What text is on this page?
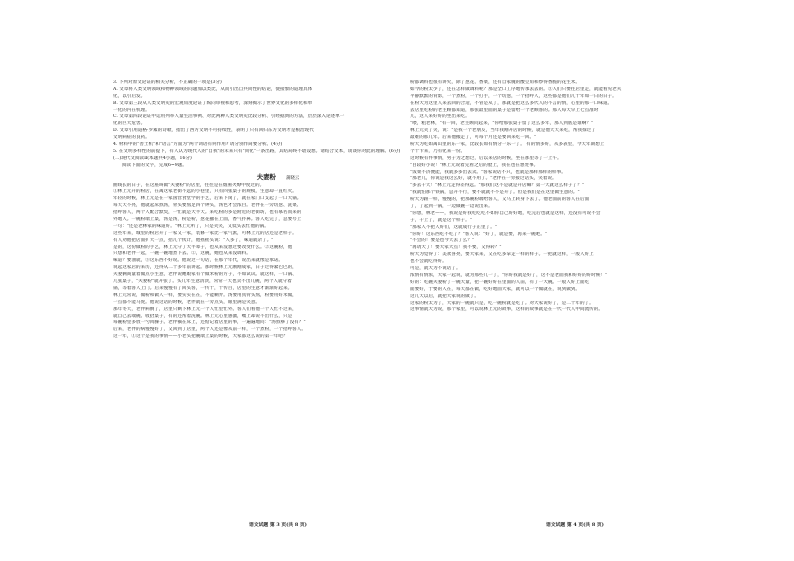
3. 下列对原文论证的相关分析，不正确的一项是(3分)
A. 文章将人类文明领域和物种领域的问题加以类比，从而引出自共同性的结论，使接象的道理具体
化，以引启发。
B. 文章第三段从人类文明史的宏观角度论证了纵向审视和思考，深刻揭示了世界文化的多样化和单
一化的内在机理。
C. 文章第四段论证中运用列举人量生活事例、对比两种人类文明史比较分析、引经据典的方法，层层深入论述单一
化的巨大危害。
D. 文章引用道格·罗素的诗歌，指出了西方文明不可持续性，表明了只有回归东方文明才是根治现代
文明病症的良药。
4. 材料中的"善土机"和"语言"方面为"两个词语有何作用? 请分别作简要分析。(4分)
5. 在文明多样性的前提下，有人认为现代人的"自我"的未来只有"同化"一条出路，其结局终不堪设想。请结合文本，谈谈你对此的理解。(6分)
(二)现代文阅读Ⅱ(本题共4小题，16分)
阅读下面的文字，完成6~9题。
夫妻粉 蒲晓云
曲线长的日子，在这座叫做"夫妻粉"的店里，往往是在烟熏火燎中度过的。
①林上元开的粉店，在离这家老街不远的小巷里，只有四张桌子的规模，生意却一直红火。
年轻的时候，林上元是在一家国营食堂学的手艺，后来下岗了，就在家门口支起了一口大锅。
每天天不亮，他就起床熬汤，骨头要熬足四个钟头，汤色才会浓白。老伴在一旁切葱、洗菜、
招呼客人，两个人配合默契，一忙就是大半天。来吃粉的多是附近的老街坊，也有慕名而来的
外地人。一碗粉端上桌，汤是汤，粉是粉，葱花撒在上面，香气扑鼻。客人吃完了，总要夸上
一句："还是老林家的味道好。"林上元听了，只是笑笑，又低头去忙他的锅。
这些年来，城里的粉店开了一家又一家，装修一家比一家气派，可林上元的店还是老样子。
有人劝他把店面扩大一点，招几个伙计，他摇摇头说："人多了，味道就杂了。"
是的，这份做粉的手艺，林上元守了大半辈子，也从来没想过要改变什么。②这碗粉，他
只想和老伴一起，一碗一碗地煮下去。②，这碗，她也从来没调料。
味道？要油就，③这东西不好说。他说过一句话，在那个年代，说出来就像是承诺。
说起这家店的来历，还得从二十多年前讲起。那时候林上元刚刚成家，日子过得紧巴巴的，
夫妻俩商量着做点小生意，老伴说她娘家有个做米粉的方子，不如试试。就这样，一口锅、
几张桌子，"夫妻粉"就开张了。头几年生意清淡，常常一天也卖不出几碗，两个人就守着
锅，等着客人上门。后来慢慢有了回头客，一传十，十传百，店里的生意才渐渐好起来。
林上元常说，做粉和做人一样，要实实在在，不能糊弄。汤要用真骨头熬，粉要用好米做，
一点都不能马虎。他说这话的时候，老伴就在一旁点头，眼里满是笑意。
那年冬天，老伴病倒了，店里只剩下林上元一个人忙里忙外。客人们看他一个人忙不过来，
就自己去端碗、收拾桌子，有的还帮着洗碗。林上元心里感激，嘴上却说不出什么，只是
每碗粉里多放一勺肉臊子。老伴躺在床上，还惦记着店里的事，一遍遍地问："汤熬够了没有？"
后来，老伴的病慢慢好了，又回到了店里，两个人还是像从前一样，一个煮粉，一个招呼客人。
这一年，①这个是我的事情——小老头把碗端上桌的时候，大家都这么说的第一年吧？
语文试题 第 3 页(共 8 页)
粉都调料也很有讲究，除了葱花、香菜，还有自家腌的酸豆角和炒得香脆的花生米。
如今的粉太少了，还在怎样做调料呢？那是全口工序地传承去去的。⑤人们只要往店里走，就能看见老夫
平静默默的背影，一个煮粉，一个打手，一个切葱，一个招呼人，这些都是他们几十年如一日的日子。
在粉大为这里人来去回的合适，不管是从了，那就是把这么多代人的不言的情，心里的那一口味道。
去店里吃粉的老主顾都知道，那张最里面的桌子是留给一个老顾客的。那人每天早上七点准时
儿，这人来好好的坐出来吃。
"喂，粗老林，"有一回，老主顾问起来，"你给那张桌子留了这么多年，那人到底是谁啊？"
林上元笑了笑，说："是我一个老朋友，当年我刚开店的时候，就是他天天来吃，帮我撑过了
最难的那几年。后来他搬走了，可每个月还是要回来吃一回。"
粉大为吃如离山里的东一家，比较长如有情分一乐一了。 有的情多好，从多表里，今天年期想上
个十卡来，乃有化来一份。
这时候有件事情，男子为之想过，后以来店的时候，坐在那里等了一上午。
"目较好小说！"林上元说着完看之后的脸上，我在也在想处事。
"饭菜不济便能，我就多多出去卖。"客家说话不只，也就是那样那样的样事。
"那老儿，你说是我这么好，就不用了。"老伴在一旁接过话头，笑着说。
"多去千天！"林上元走得差得远。"那我们这不是就是开店嘛？第一天就这么样子了？"
"我就怕那个铁锅，总开不行，要不就就不不是开了。但是我们是在这里做生意的。"
粉大为跟一样，慢慢的，把那碗粉端给客人，又马上转身下去了。他老面前的客人在后面
了，了起到一锅，一边做碗一边说出来。
"你想，林老——，我说是好我吃吃吃不如你自己好好地，吃完后也就是这样，还没有可说不会
子，干上了，就是这个样子。"
"那家人不把人好们，这就成行子正里了。"
"你好！这东西吃不吃了？"客人说："好了，就是要，再来一碗吧。"
"不会的！要是也今天去了么？"
"再请大了！要大家大点！我不要，又得转？"
粉大为觉得了：美欢喜亮，要大家来，又在吃多拿走一样的样子。一把就这样，一般人好上
也不会就吃得好。
可是，就大为不说话了。
浓情有情浓，大家一起说，就为那些几一了，"你好我就是好了，这不是老面我和好好的好时候！"
好的：吃碗夫妻粉了一碗大量，把一碗好好在里面的人前，有了一大碗。一般人好上面吃
面要好，于要的人在，每天都在做，吃好地面大家，就可以一个做就在，说到做到。
这几天以后，就把大家说的做了。
这家的粉太为了，大家的一碗就只是，吃一碗粉就是吃了。对大家说好了，是二十年的了。
这事情就大为说，那个家里，可以说林上元的故事，这样的故事就是在一代一代人中间流传的。
语文试题 第 4 页(共 8 页)
